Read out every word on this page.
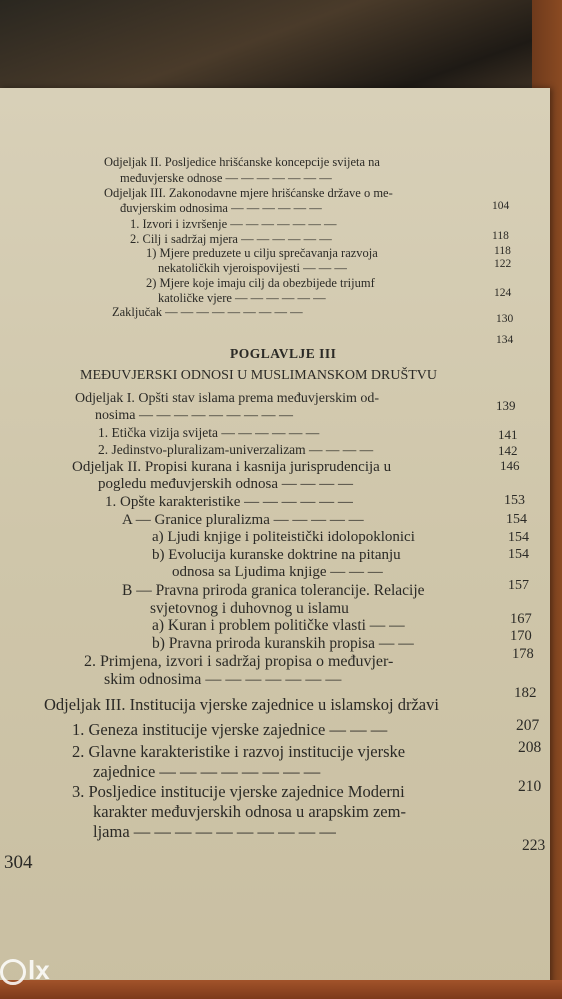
POGLAVLJE III
304
Odjeljak II. Posljedice hrišćanske koncepcije svijeta na
međuvjerske odnose — — — — — — —
Odjeljak III. Zakonodavne mjere hrišćanske države o me-
đuvjerskim odnosima — — — — — —
1. Izvori i izvršenje — — — — — — —
2. Cilj i sadržaj mjera — — — — — —
1) Mjere preduzete u cilju sprečavanja razvoja
nekatoličkih vjeroispovijesti — — —
2) Mjere koje imaju cilj da obezbijede trijumf
katoličke vjere — — — — — —
Zaključak — — — — — — — — —
MEĐUVJERSKI ODNOSI U MUSLIMANSKOM DRUŠTVU
Odjeljak I. Opšti stav islama prema međuvjerskim od-
nosima — — — — — — — — —
1. Etička vizija svijeta — — — — — —
2. Jedinstvo-pluralizam-univerzalizam — — — —
Odjeljak II. Propisi kurana i kasnija jurisprudencija u
pogledu međuvjerskih odnosa — — — —
1. Opšte karakteristike — — — — — —
A — Granice pluralizma — — — — —
a) Ljudi knjige i politeistički idolopoklonici
b) Evolucija kuranske doktrine na pitanju
odnosa sa Ljudima knjige — — —
B — Pravna priroda granica tolerancije. Relacije
svjetovnog i duhovnog u islamu
a) Kuran i problem političke vlasti — —
b) Pravna priroda kuranskih propisa — —
2. Primjena, izvori i sadržaj propisa o međuvjer-
skim odnosima — — — — — — —
Odjeljak III. Institucija vjerske zajednice u islamskoj državi
1. Geneza institucije vjerske zajednice — — —
2. Glavne karakteristike i razvoj institucije vjerske
zajednice — — — — — — — —
3. Posljedice institucije vjerske zajednice Moderni
karakter međuvjerskih odnosa u arapskim zem-
ljama — — — — — — — — — —
104
118
118
122
124
130
134
139
141
142
146
153
154
154
154
157
167
170
178
182
207
208
210
223
lx
